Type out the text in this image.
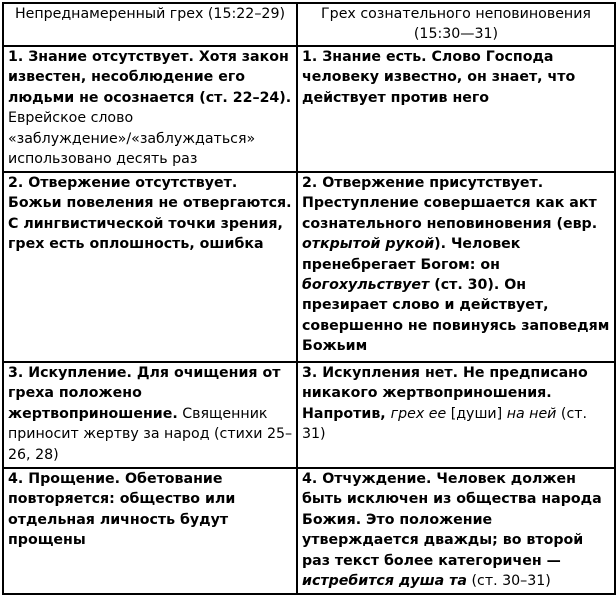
Непреднамеренный грех (15:22–29)	Грех сознательного неповиновения (15:30—31)
1. Знание отсутствует. Хотя закон известен, несоблюдение его людьми не осознается (ст. 22–24). Еврейское слово «заблуждение»/«заблуждаться» использовано десять раз	1. Знание есть. Слово Господа человеку известно, он знает, что действует против него
2. Отвержение отсутствует. Божьи повеления не отвергаются. С лингвистической точки зрения, грех есть оплошность, ошибка	2. Отвержение присутствует. Преступление совершается как акт сознательного неповиновения (евр. открытой рукой). Человек пренебрегает Богом: он богохульствует (ст. 30). Он презирает слово и действует, совершенно не повинуясь заповедям Божьим
3. Искупление. Для очищения от греха положено жертвоприношение. Священник приносит жертву за народ (стихи 25–26, 28)	3. Искупления нет. Не предписано никакого жертвоприношения. Напротив, грех ее [души] на ней (ст. 31)
4. Прощение. Обетование повторяется: общество или отдельная личность будут прощены	4. Отчуждение. Человек должен быть исключен из общества народа Божия. Это положение утверждается дважды; во второй раз текст более категоричен — истребится душа та (ст. 30–31)
